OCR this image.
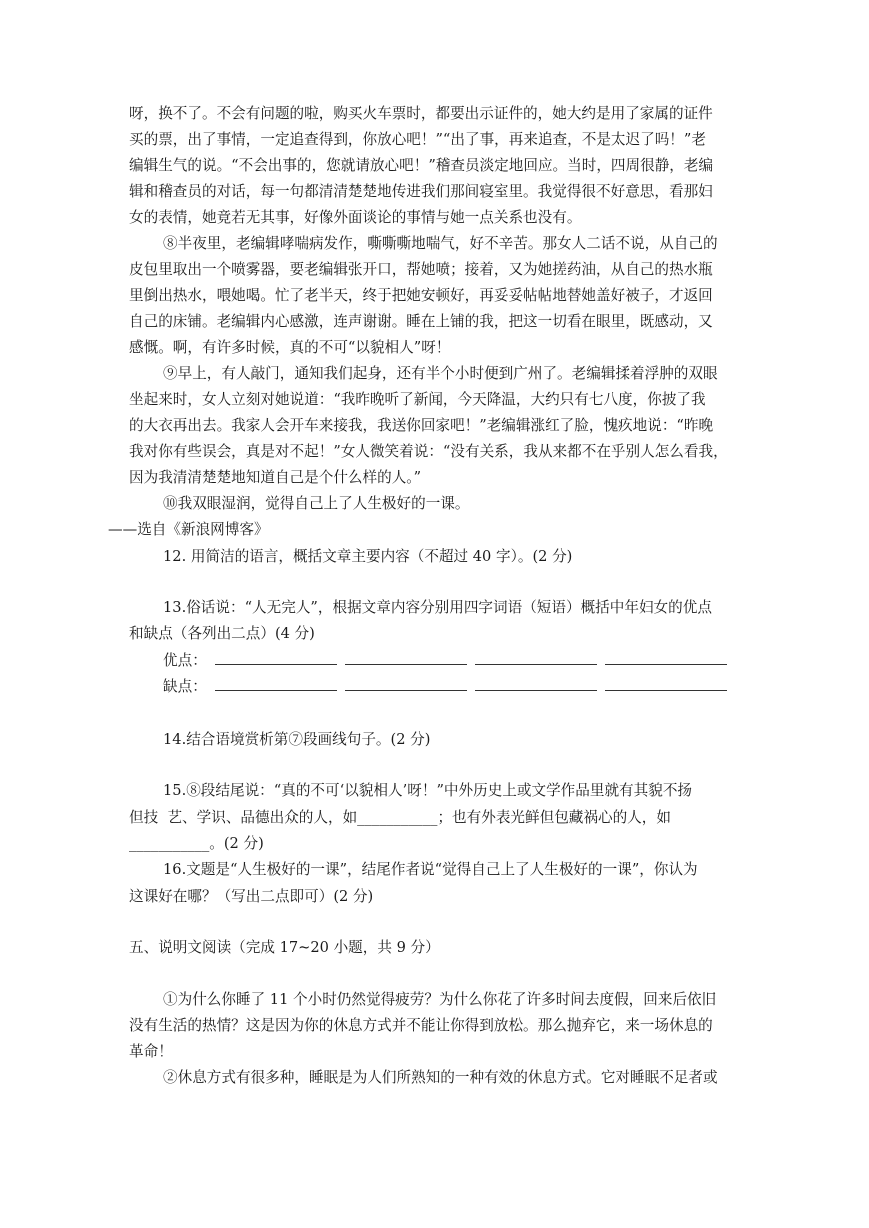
呀，换不了。不会有问题的啦，购买火车票时，都要出示证件的，她大约是用了家属的证件
买的票，出了事情，一定追查得到，你放心吧！”“出了事，再来追查，不是太迟了吗！”老
编辑生气的说。“不会出事的，您就请放心吧！”稽查员淡定地回应。当时，四周很静，老编
辑和稽查员的对话，每一句都清清楚楚地传进我们那间寝室里。我觉得很不好意思，看那妇
女的表情，她竟若无其事，好像外面谈论的事情与她一点关系也没有。
⑧半夜里，老编辑哮喘病发作，嘶嘶嘶地喘气，好不辛苦。那女人二话不说，从自己的
皮包里取出一个喷雾器，要老编辑张开口，帮她喷；接着，又为她搓药油，从自己的热水瓶
里倒出热水，喂她喝。忙了老半天，终于把她安顿好，再妥妥帖帖地替她盖好被子，才返回
自己的床铺。老编辑内心感激，连声谢谢。睡在上铺的我，把这一切看在眼里，既感动，又
感慨。啊，有许多时候，真的不可“以貌相人”呀！
⑨早上，有人敲门，通知我们起身，还有半个小时便到广州了。老编辑揉着浮肿的双眼
坐起来时，女人立刻对她说道：“我昨晚听了新闻，今天降温，大约只有七八度，你披了我
的大衣再出去。我家人会开车来接我，我送你回家吧！”老编辑涨红了脸，愧疚地说：“昨晚
我对你有些误会，真是对不起！”女人微笑着说：“没有关系，我从来都不在乎别人怎么看我，
因为我清清楚楚地知道自己是个什么样的人。”
⑩我双眼湿润，觉得自己上了人生极好的一课。
——选自《新浪网博客》
12. 用简洁的语言，概括文章主要内容（不超过 40 字）。(2 分)
13.俗话说：“人无完人”，根据文章内容分别用四字词语（短语）概括中年妇女的优点
和缺点（各列出二点）(4 分)
优点：
缺点：
14.结合语境赏析第⑦段画线句子。(2 分)
15.⑧段结尾说：“真的不可‘以貌相人’呀！”中外历史上或文学作品里就有其貌不扬
但技  艺、学识、品德出众的人，如___________；也有外表光鲜但包藏祸心的人，如
___________。(2 分)
16.文题是“人生极好的一课”，结尾作者说“觉得自己上了人生极好的一课”，你认为
这课好在哪？（写出二点即可）(2 分)
五、说明文阅读（完成 17~20 小题，共 9 分）
①为什么你睡了 11 个小时仍然觉得疲劳？为什么你花了许多时间去度假，回来后依旧
没有生活的热情？这是因为你的休息方式并不能让你得到放松。那么抛弃它，来一场休息的
革命！
②休息方式有很多种，睡眠是为人们所熟知的一种有效的休息方式。它对睡眠不足者或
